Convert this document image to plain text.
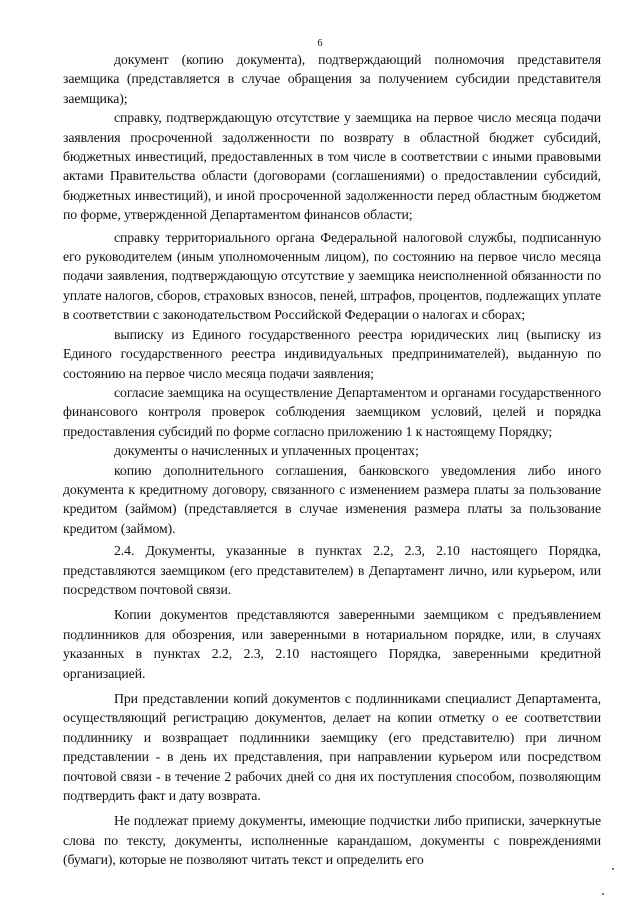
6

документ (копию документа), подтверждающий полномочия представителя заемщика (представляется в случае обращения за получением субсидии представителя заемщика);

справку, подтверждающую отсутствие у заемщика на первое число месяца подачи заявления просроченной задолженности по возврату в областной бюджет субсидий, бюджетных инвестиций, предоставленных в том числе в соответствии с иными правовыми актами Правительства области (договорами (соглашениями) о предоставлении субсидий, бюджетных инвестиций), и иной просроченной задолженности перед областным бюджетом по форме, утвержденной Департаментом финансов области;

справку территориального органа Федеральной налоговой службы, подписанную его руководителем (иным уполномоченным лицом), по состоянию на первое число месяца подачи заявления, подтверждающую отсутствие у заемщика неисполненной обязанности по уплате налогов, сборов, страховых взносов, пеней, штрафов, процентов, подлежащих уплате в соответствии с законодательством Российской Федерации о налогах и сборах;

выписку из Единого государственного реестра юридических лиц (выписку из Единого государственного реестра индивидуальных предпринимателей), выданную по состоянию на первое число месяца подачи заявления;

согласие заемщика на осуществление Департаментом и органами государственного финансового контроля проверок соблюдения заемщиком условий, целей и порядка предоставления субсидий по форме согласно приложению 1 к настоящему Порядку;

документы о начисленных и уплаченных процентах;

копию дополнительного соглашения, банковского уведомления либо иного документа к кредитному договору, связанного с изменением размера платы за пользование кредитом (займом) (представляется в случае изменения размера платы за пользование кредитом (займом).

2.4. Документы, указанные в пунктах 2.2, 2.3, 2.10 настоящего Порядка, представляются заемщиком (его представителем) в Департамент лично, или курьером, или посредством почтовой связи.

Копии документов представляются заверенными заемщиком с предъявлением подлинников для обозрения, или заверенными в нотариальном порядке, или, в случаях указанных в пунктах 2.2, 2.3, 2.10 настоящего Порядка, заверенными кредитной организацией.

При представлении копий документов с подлинниками специалист Департамента, осуществляющий регистрацию документов, делает на копии отметку о ее соответствии подлиннику и возвращает подлинники заемщику (его представителю) при личном представлении - в день их представления, при направлении курьером или посредством почтовой связи - в течение 2 рабочих дней со дня их поступления способом, позволяющим подтвердить факт и дату возврата.

Не подлежат приему документы, имеющие подчистки либо приписки, зачеркнутые слова по тексту, документы, исполненные карандашом, документы с повреждениями (бумаги), которые не позволяют читать текст и определить его
